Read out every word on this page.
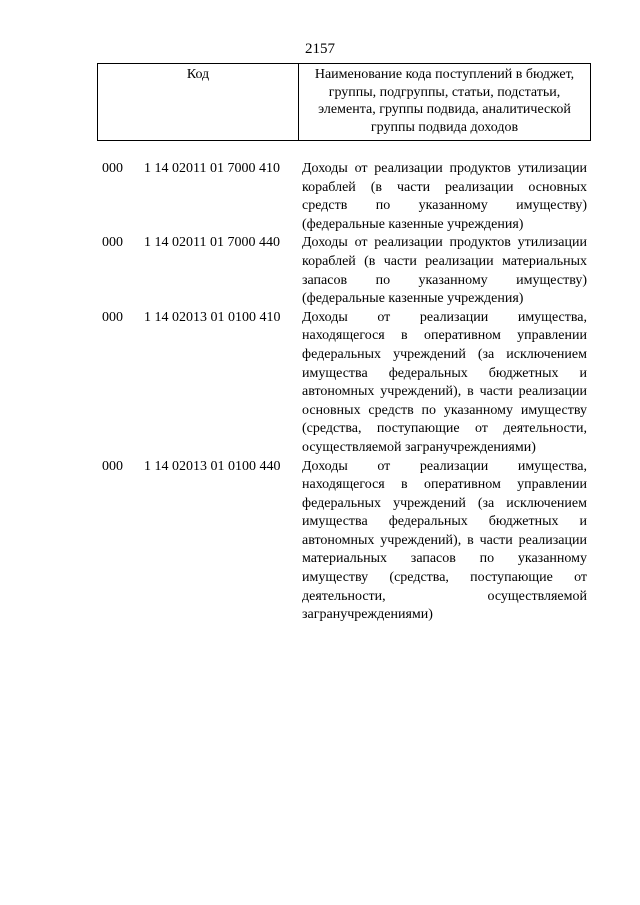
2157
Код	Наименование кода поступлений в бюджет, группы, подгруппы, статьи, подстатьи, элемента, группы подвида, аналитической группы подвида доходов
000	1 14 02011 01 7000 410	Доходы от реализации продуктов утилизации кораблей (в части реализации основных средств по указанному имуществу) (федеральные казенные учреждения)
000	1 14 02011 01 7000 440	Доходы от реализации продуктов утилизации кораблей (в части реализации материальных запасов по указанному имуществу) (федеральные казенные учреждения)
000	1 14 02013 01 0100 410	Доходы от реализации имущества, находящегося в оперативном управлении федеральных учреждений (за исключением имущества федеральных бюджетных и автономных учреждений), в части реализации основных средств по указанному имуществу (средства, поступающие от деятельности, осуществляемой загранучреждениями)
000	1 14 02013 01 0100 440	Доходы от реализации имущества, находящегося в оперативном управлении федеральных учреждений (за исключением имущества федеральных бюджетных и автономных учреждений), в части реализации материальных запасов по указанному имуществу (средства, поступающие от деятельности, осуществляемой загранучреждениями)
